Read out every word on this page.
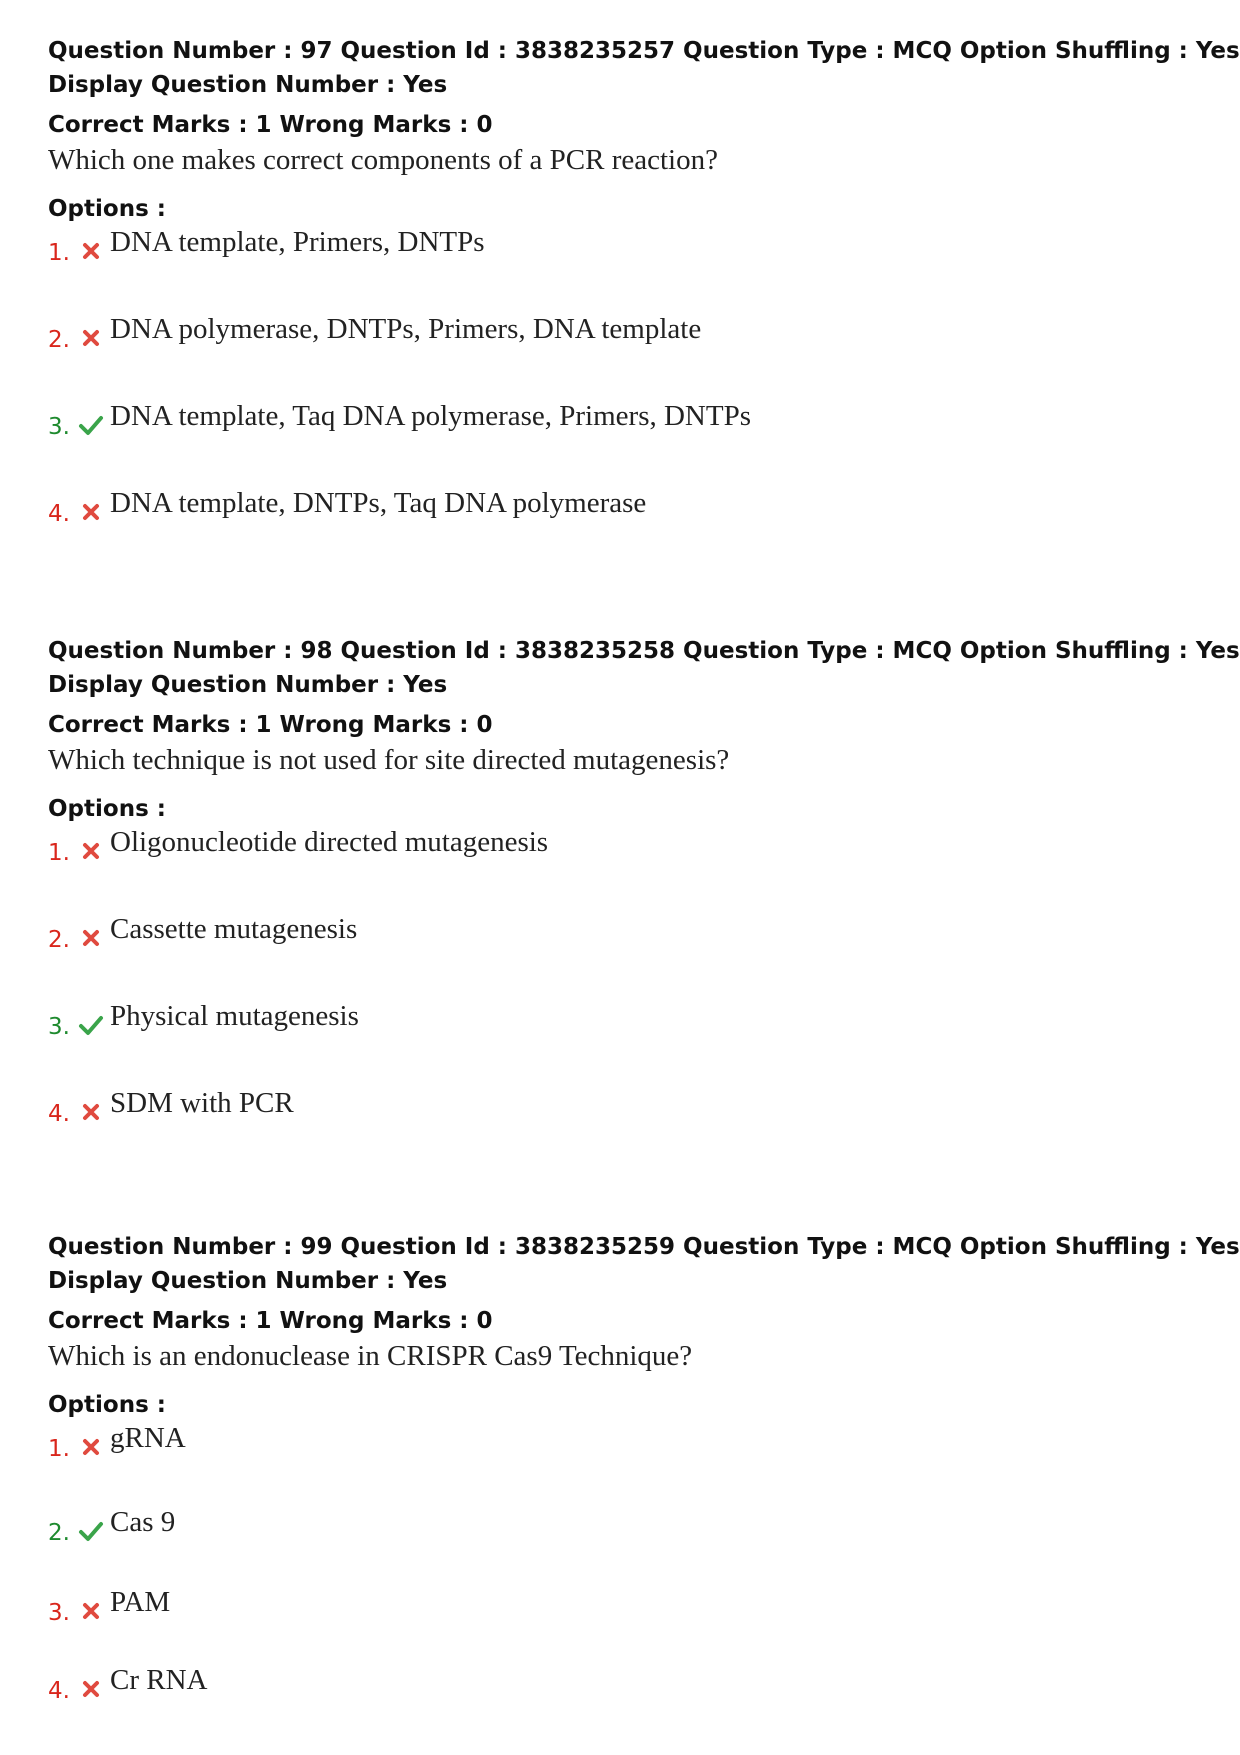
Question Number : 97 Question Id : 3838235257 Question Type : MCQ Option Shuffling : Yes

Display Question Number : Yes

Correct Marks : 1 Wrong Marks : 0

Which one makes correct components of a PCR reaction?
Options :
1. DNA template, Primers, DNTPs
2. DNA polymerase, DNTPs, Primers, DNA template
3. DNA template, Taq DNA polymerase, Primers, DNTPs
4. DNA template, DNTPs, Taq DNA polymerase

Question Number : 98 Question Id : 3838235258 Question Type : MCQ Option Shuffling : Yes

Display Question Number : Yes

Correct Marks : 1 Wrong Marks : 0

Which technique is not used for site directed mutagenesis?
Options :
1. Oligonucleotide directed mutagenesis
2. Cassette mutagenesis
3. Physical mutagenesis
4. SDM with PCR

Question Number : 99 Question Id : 3838235259 Question Type : MCQ Option Shuffling : Yes

Display Question Number : Yes

Correct Marks : 1 Wrong Marks : 0

Which is an endonuclease in CRISPR Cas9 Technique?
Options :
1. gRNA
2. Cas 9
3. PAM
4. Cr RNA
